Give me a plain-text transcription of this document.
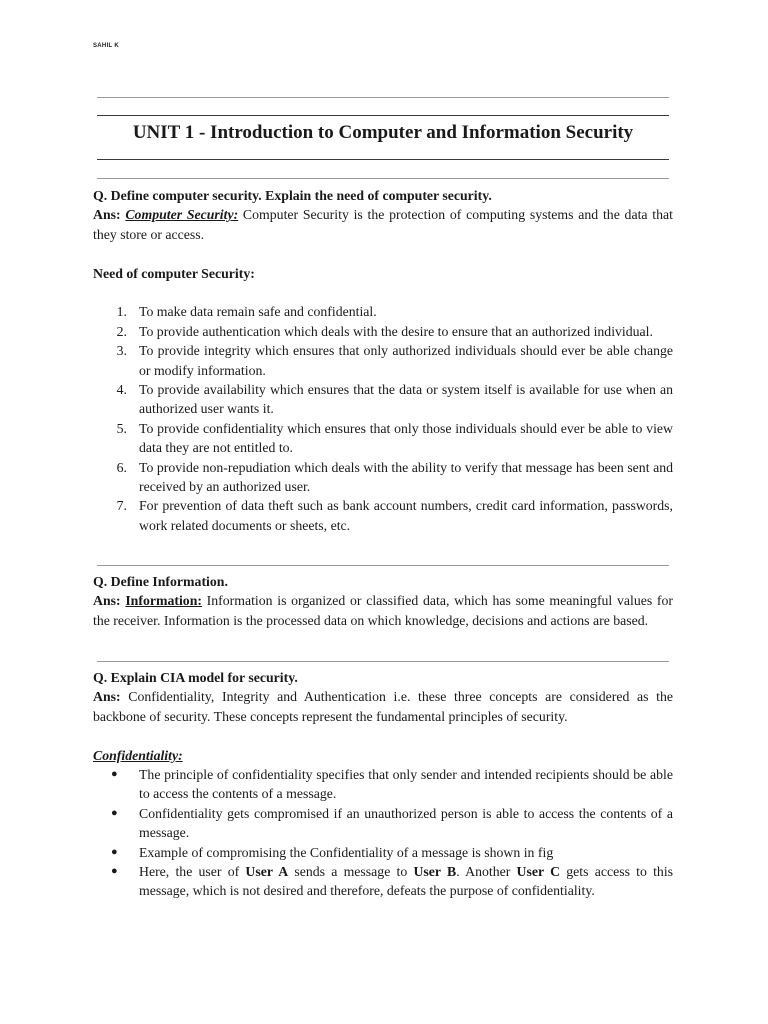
SAHIL K
UNIT 1 - Introduction to Computer and Information Security

Q. Define computer security. Explain the need of computer security.

Ans: Computer Security: Computer Security is the protection of computing systems and the data that they store or access.

Need of computer Security:

1. To make data remain safe and confidential.
2. To provide authentication which deals with the desire to ensure that an authorized individual.
3. To provide integrity which ensures that only authorized individuals should ever be able change or modify information.
4. To provide availability which ensures that the data or system itself is available for use when an authorized user wants it.
5. To provide confidentiality which ensures that only those individuals should ever be able to view data they are not entitled to.
6. To provide non-repudiation which deals with the ability to verify that message has been sent and received by an authorized user.
7. For prevention of data theft such as bank account numbers, credit card information, passwords, work related documents or sheets, etc.

Q. Define Information.

Ans: Information: Information is organized or classified data, which has some meaningful values for the receiver. Information is the processed data on which knowledge, decisions and actions are based.

Q. Explain CIA model for security.

Ans: Confidentiality, Integrity and Authentication i.e. these three concepts are considered as the backbone of security. These concepts represent the fundamental principles of security.

Confidentiality:

● The principle of confidentiality specifies that only sender and intended recipients should be able to access the contents of a message.
● Confidentiality gets compromised if an unauthorized person is able to access the contents of a message.
● Example of compromising the Confidentiality of a message is shown in fig
● Here, the user of User A sends a message to User B. Another User C gets access to this message, which is not desired and therefore, defeats the purpose of confidentiality.
